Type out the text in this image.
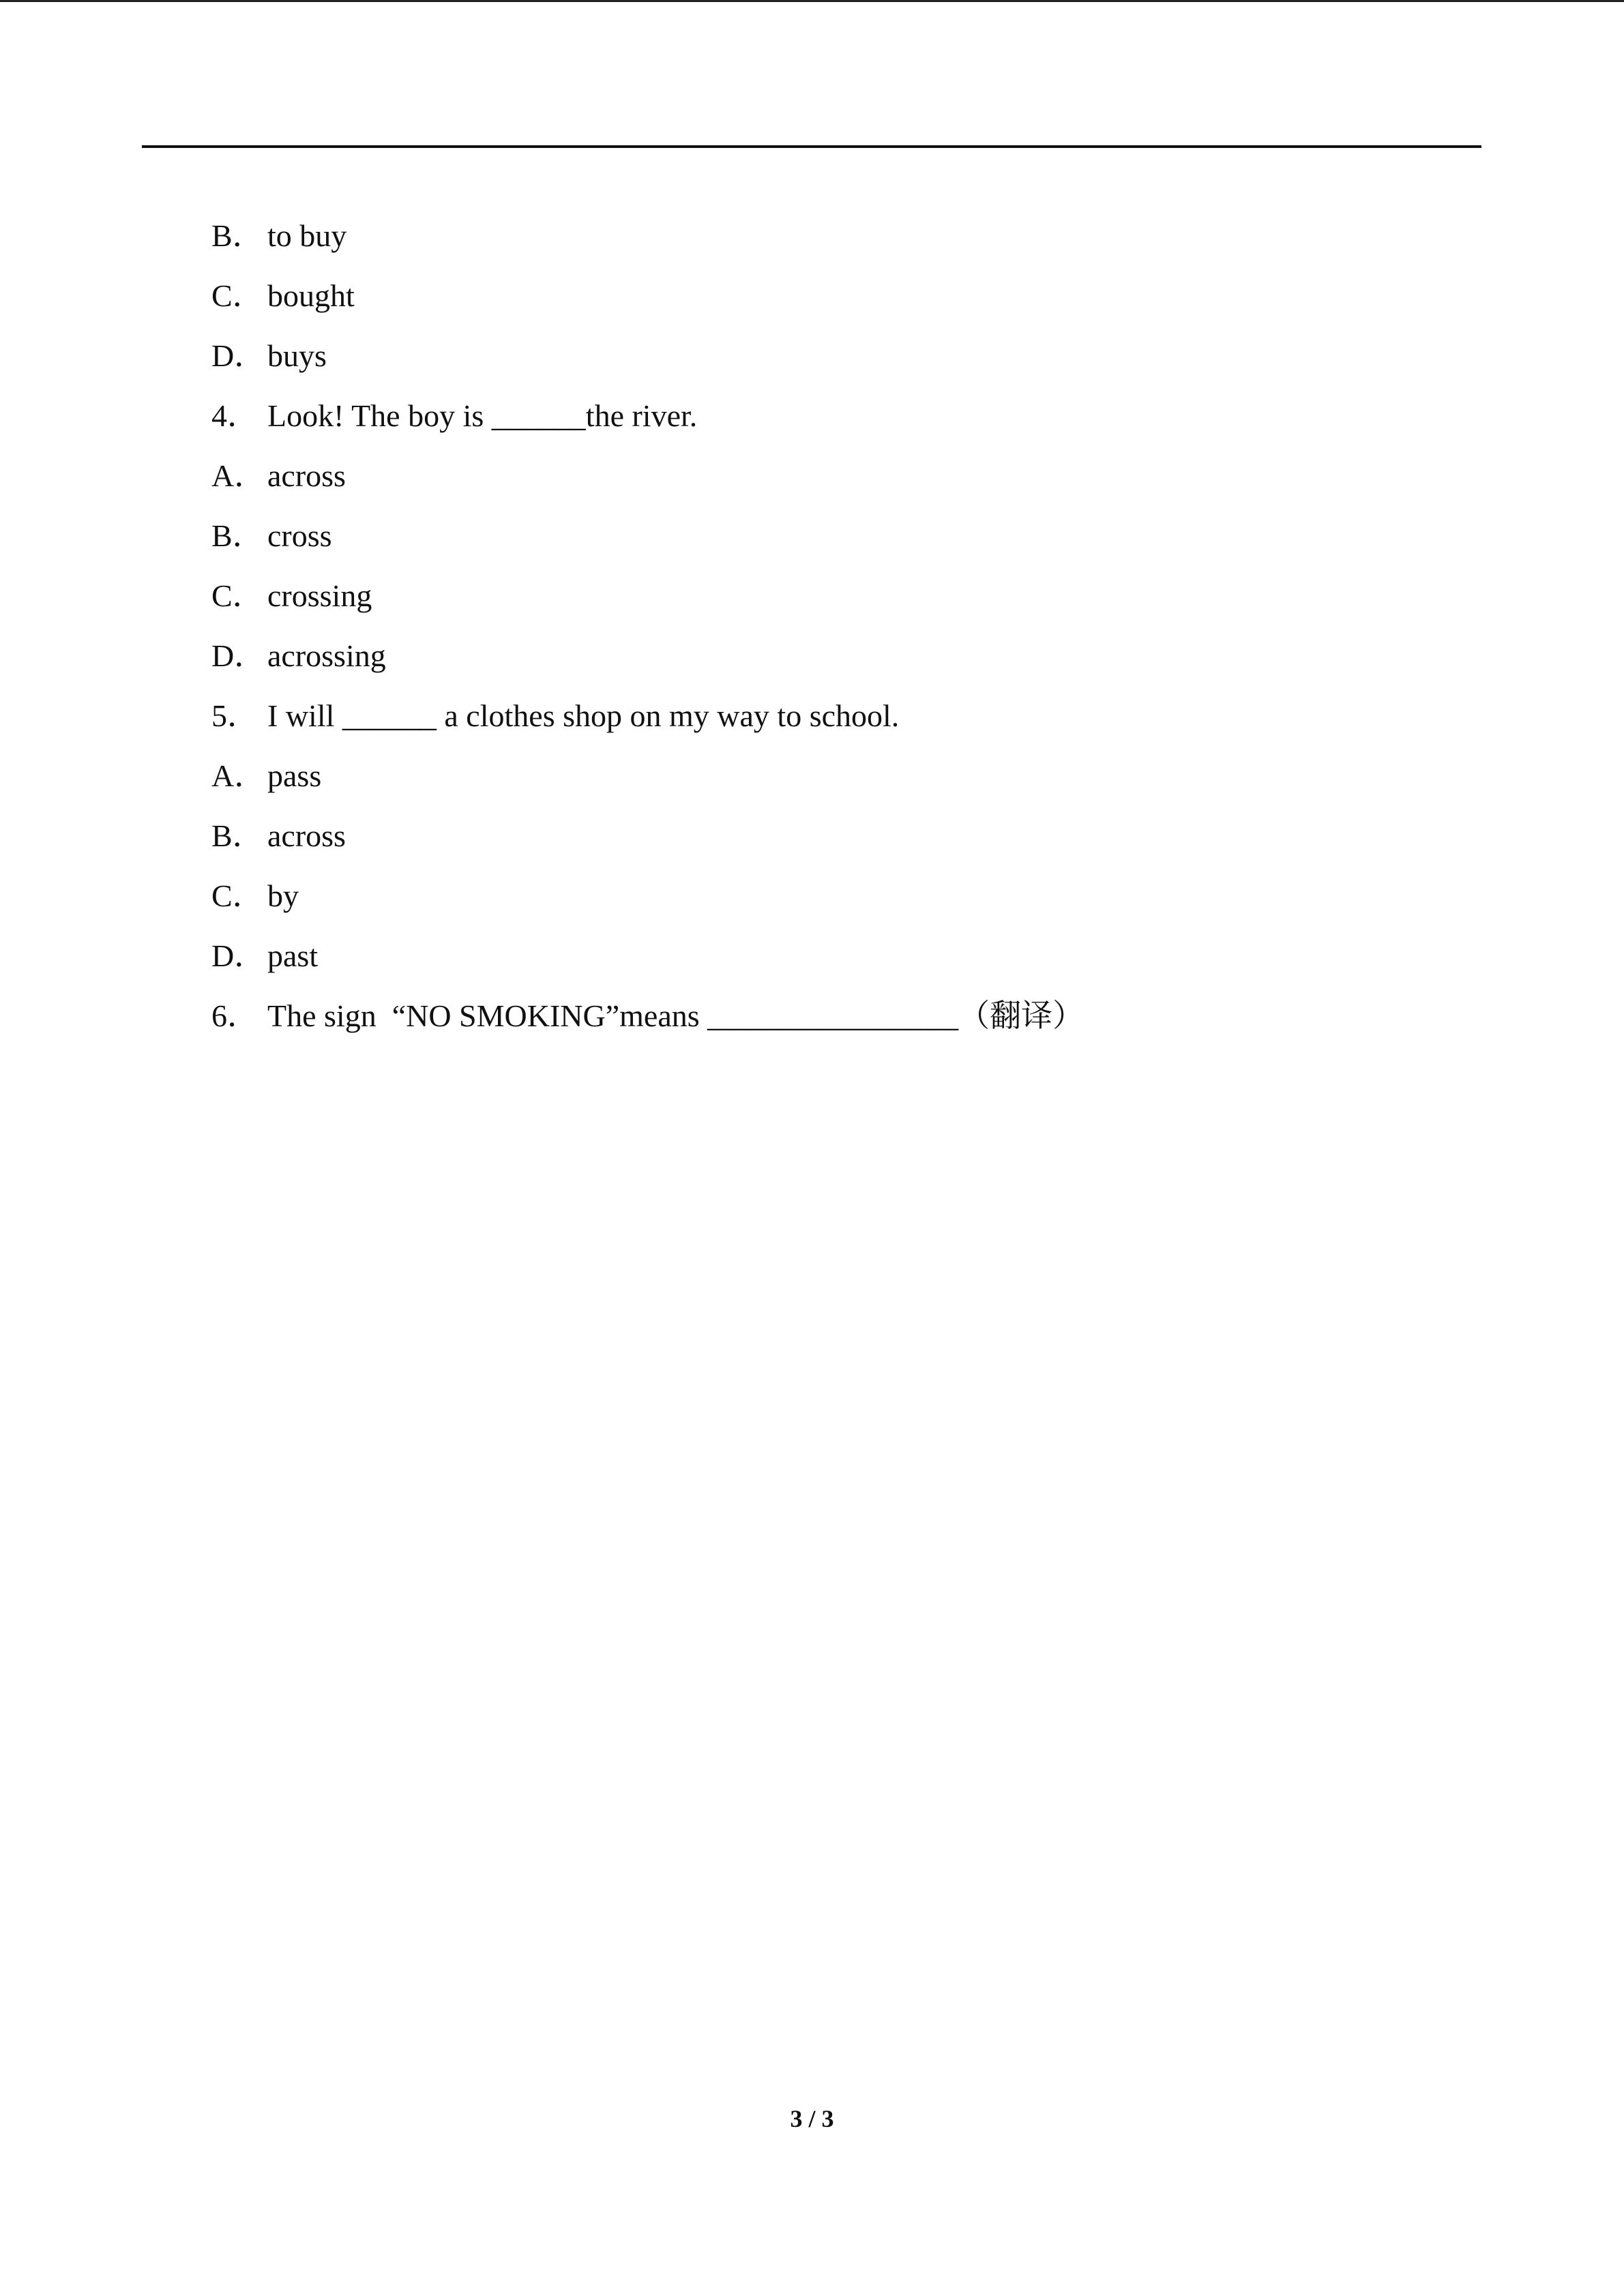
B． to buy
C． bought
D．buys
4． Look! The boy is ______the river.
A．across
B． cross
C． crossing
D．acrossing
5． I will ______ a clothes shop on my way to school.
A．pass
B． across
C． by
D．past
6． The sign  “NO SMOKING”means ________________（翻译）
3 / 3
